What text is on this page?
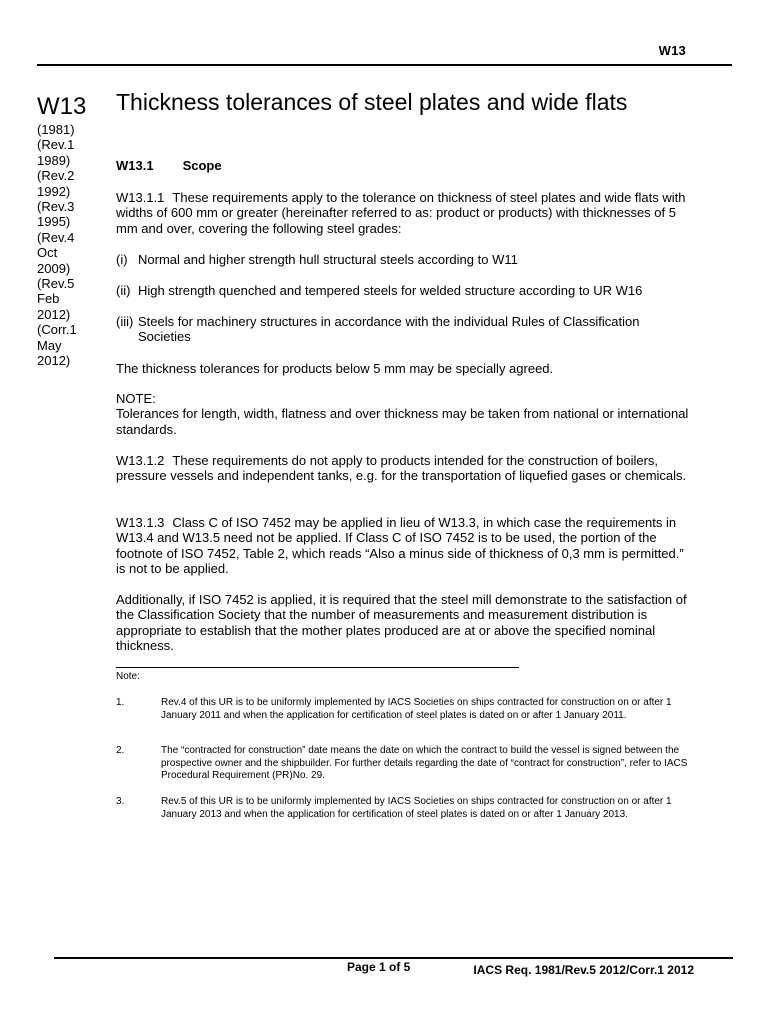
W13
W13
(1981)
(Rev.1
1989)
(Rev.2
1992)
(Rev.3
1995)
(Rev.4
Oct
2009)
(Rev.5
Feb
2012)
(Corr.1
May
2012)
Thickness tolerances of steel plates and wide flats
W13.1 Scope
W13.1.1 These requirements apply to the tolerance on thickness of steel plates and wide flats with widths of 600 mm or greater (hereinafter referred to as: product or products) with thicknesses of 5 mm and over, covering the following steel grades:
(i) Normal and higher strength hull structural steels according to W11
(ii) High strength quenched and tempered steels for welded structure according to UR W16
(iii) Steels for machinery structures in accordance with the individual Rules of Classification
Societies
The thickness tolerances for products below 5 mm may be specially agreed.
NOTE:
Tolerances for length, width, flatness and over thickness may be taken from national or international standards.
W13.1.2 These requirements do not apply to products intended for the construction of boilers, pressure vessels and independent tanks, e.g. for the transportation of liquefied gases or chemicals.
W13.1.3 Class C of ISO 7452 may be applied in lieu of W13.3, in which case the requirements in W13.4 and W13.5 need not be applied. If Class C of ISO 7452 is to be used, the portion of the footnote of ISO 7452, Table 2, which reads “Also a minus side of thickness of 0,3 mm is permitted.” is not to be applied.
Additionally, if ISO 7452 is applied, it is required that the steel mill demonstrate to the satisfaction of the Classification Society that the number of measurements and measurement distribution is appropriate to establish that the mother plates produced are at or above the specified nominal thickness.
Note:
1.	Rev.4 of this UR is to be uniformly implemented by IACS Societies on ships contracted for construction on or after 1 January 2011 and when the application for certification of steel plates is dated on or after 1 January 2011.
2.	The “contracted for construction” date means the date on which the contract to build the vessel is signed between the prospective owner and the shipbuilder. For further details regarding the date of “contract for construction”, refer to IACS Procedural Requirement (PR)No. 29.
3.	Rev.5 of this UR is to be uniformly implemented by IACS Societies on ships contracted for construction on or after 1 January 2013 and when the application for certification of steel plates is dated on or after 1 January 2013.
Page 1 of 5	IACS Req. 1981/Rev.5 2012/Corr.1 2012
